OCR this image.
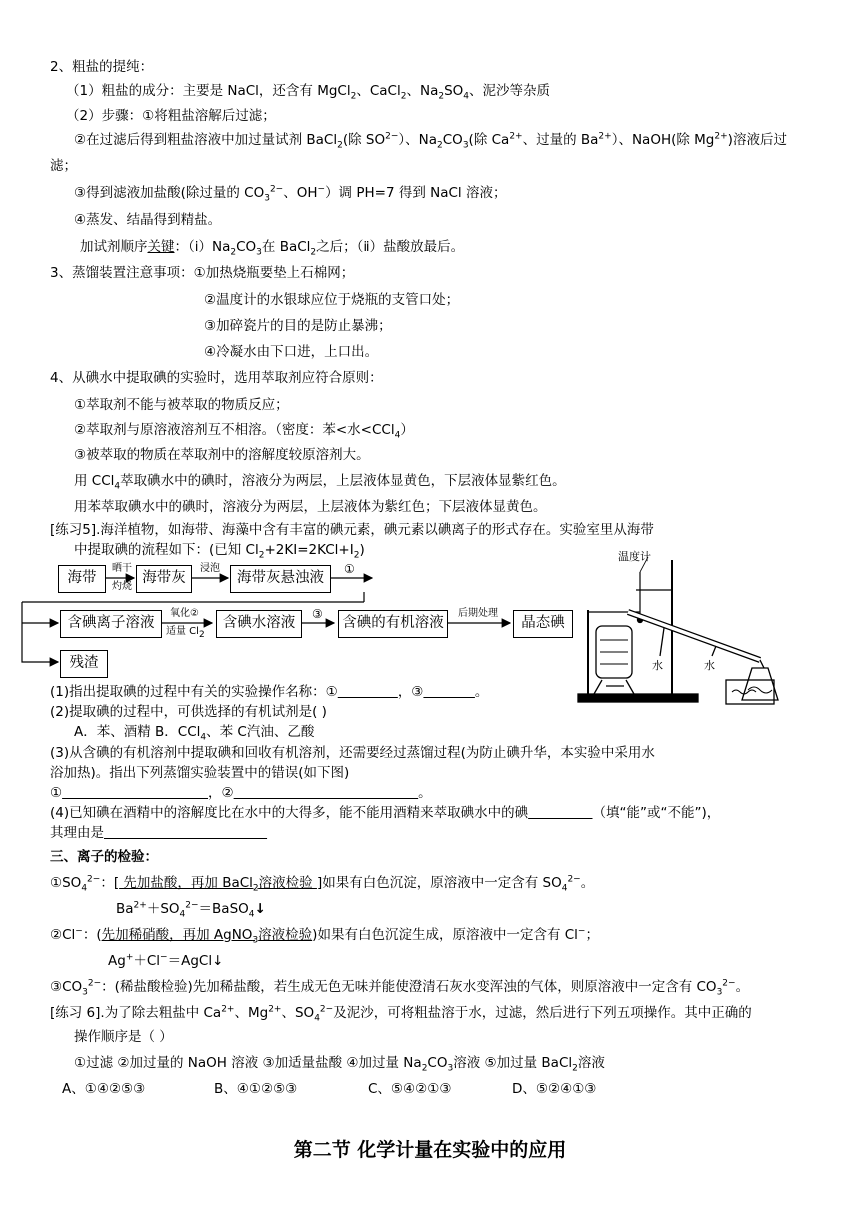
2、粗盐的提纯：
（1）粗盐的成分：主要是 NaCl，还含有 MgCl$_2$、CaCl$_2$、$Na_2SO_4$、泥沙等杂质
（2）步骤：①将粗盐溶解后过滤；
②在过滤后得到粗盐溶液中加过量试剂 BaCl$_2$(除 $SO^{2-}$）、$Na_2CO_3$(除 $Ca^{2+}$、过量的 $Ba^{2+}$）、NaOH(除 $Mg^{2+}$)溶液后过
滤；
③得到滤液加盐酸(除过量的 $CO_3^{2-}$、OH−）调 PH=7 得到 NaCl 溶液；
④蒸发、结晶得到精盐。
加试剂顺序关键：$(ⅰ)Na_2CO_3$在 BaCl$_2$之后；（ⅱ）盐酸放最后。
3、蒸馏装置注意事项：①加热烧瓶要垫上石棉网；
②温度计的水银球应位于烧瓶的支管口处；
③加碎瓷片的目的是防止暴沸；
④冷凝水由下口进，上口出。
4、从碘水中提取碘的实验时，选用萃取剂应符合原则：
①萃取剂不能与被萃取的物质反应；
②萃取剂与原溶液溶剂互不相溶。（密度：苯<水<CCl$_4$）
③被萃取的物质在萃取剂中的溶解度较原溶剂大。
用 CCl$_4$萃取碘水中的碘时，溶液分为两层，上层液体显黄色，下层液体显紫红色。
用苯萃取碘水中的碘时，溶液分为两层，上层液体为紫红色；下层液体显黄色。
[练习5].海洋植物，如海带、海藻中含有丰富的碘元素，碘元素以碘离子的形式存在。实验室里从海带
中提取碘的流程如下：(已知 $Cl_2+2KI=2KCl+I_2$)
海带
晒干
灼烧
海带灰
浸泡
海带灰悬浊液
①
含碘离子溶液
氧化②
适量 $Cl_2$
含碘水溶液
③
含碘的有机溶液
后期处理
晶态碘
残渣
温度计
水	水
(1)指出提取碘的过程中有关的实验操作名称：①	，③	。
(2)提取碘的过程中，可供选择的有机试剂是( )
A．苯、酒精 B．CCl$_4$、苯 C汽油、乙酸
(3)从含碘的有机溶剂中提取碘和回收有机溶剂，还需要经过蒸馏过程(为防止碘升华，本实验中采用水
浴加热)。指出下列蒸馏实验装置中的错误(如下图)
①	，②	。
(4)已知碘在酒精中的溶解度比在水中的大得多，能不能用酒精来萃取碘水中的碘	（填“能”或“不能”)，
其理由是
三、离子的检验：
$①SO_4^{2-}$：[ 先加盐酸，再加 BaCl$_2$溶液检验 ]如果有白色沉淀，原溶液中一定含有 $SO_4^{2-}$。
$Ba^{2+}+SO_4^{2-}=BaSO_4↓$
②Cl−：(先加稀硝酸，再加 AgNO$_3$溶液检验)如果有白色沉淀生成，原溶液中一定含有 Cl−；
Ag+＋Cl−＝AgCl↓
$③CO_3^{2-}$：(稀盐酸检验)先加稀盐酸，若生成无色无味并能使澄清石灰水变浑浊的气体，则原溶液中一定含有 $CO_3^{2-}$。
[练习 6].为了除去粗盐中 $Ca^{2+}$、$Mg^{2+}$、$SO_4^{2-}$及泥沙，可将粗盐溶于水，过滤，然后进行下列五项操作。其中正确的
操作顺序是（ ）
①过滤 ②加过量的 NaOH 溶液 ③加适量盐酸 ④加过量 $Na_2CO_3$溶液 ⑤加过量 BaCl$_2$溶液
A、①④②⑤③	B、④①②⑤③	C、⑤④②①③	D、⑤②④①③
第二节 化学计量在实验中的应用
